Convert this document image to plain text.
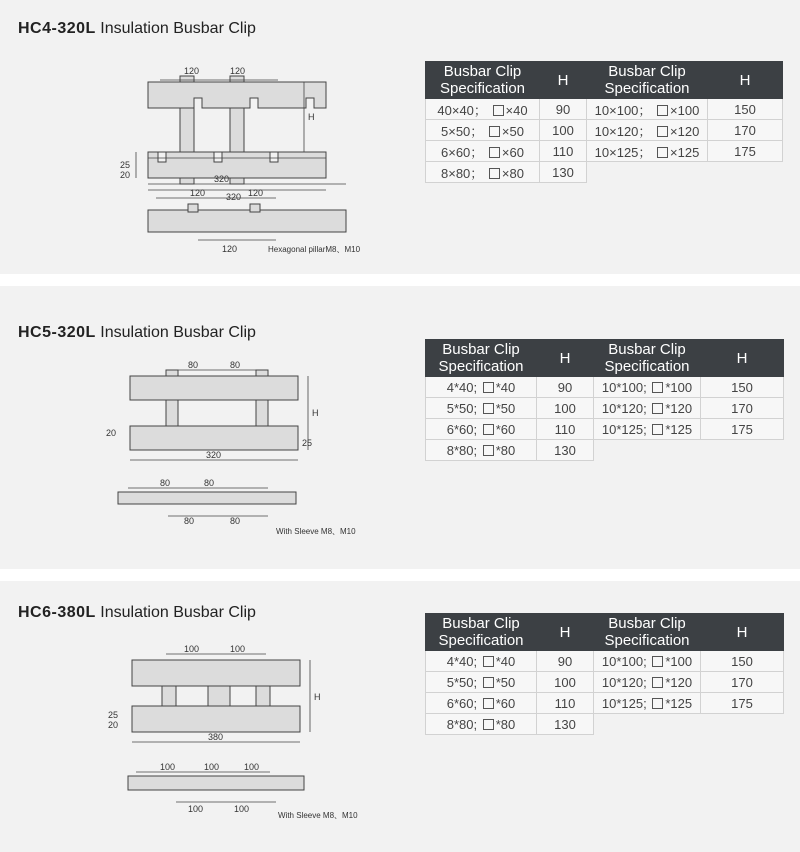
HC4-320L Insulation Busbar Clip
HC5-320L Insulation Busbar Clip
HC6-380L Insulation Busbar Clip
120	120
H
320
25
20	320
120	120
120	Hexagonal pillarM8、M10
80	80
H
320
20
25
80	80
80	80
With Sleeve M8、M10
100	100
H
380
25
20
100	100	100
100	100
With Sleeve M8、M10
Busbar Clip Specification	H	Busbar Clip Specification	H
40×40； ×40	90	10×100； ×100	150
5×50； ×50	100	10×120； ×120	170
6×60； ×60	110	10×125； ×125	175
8×80； ×80	130		
Busbar Clip Specification	H	Busbar Clip Specification	H
4*40; *40	90	10*100; *100	150
5*50; *50	100	10*120; *120	170
6*60; *60	110	10*125; *125	175
8*80; *80	130		
Busbar Clip Specification	H	Busbar Clip Specification	H
4*40; *40	90	10*100; *100	150
5*50; *50	100	10*120; *120	170
6*60; *60	110	10*125; *125	175
8*80; *80	130		
